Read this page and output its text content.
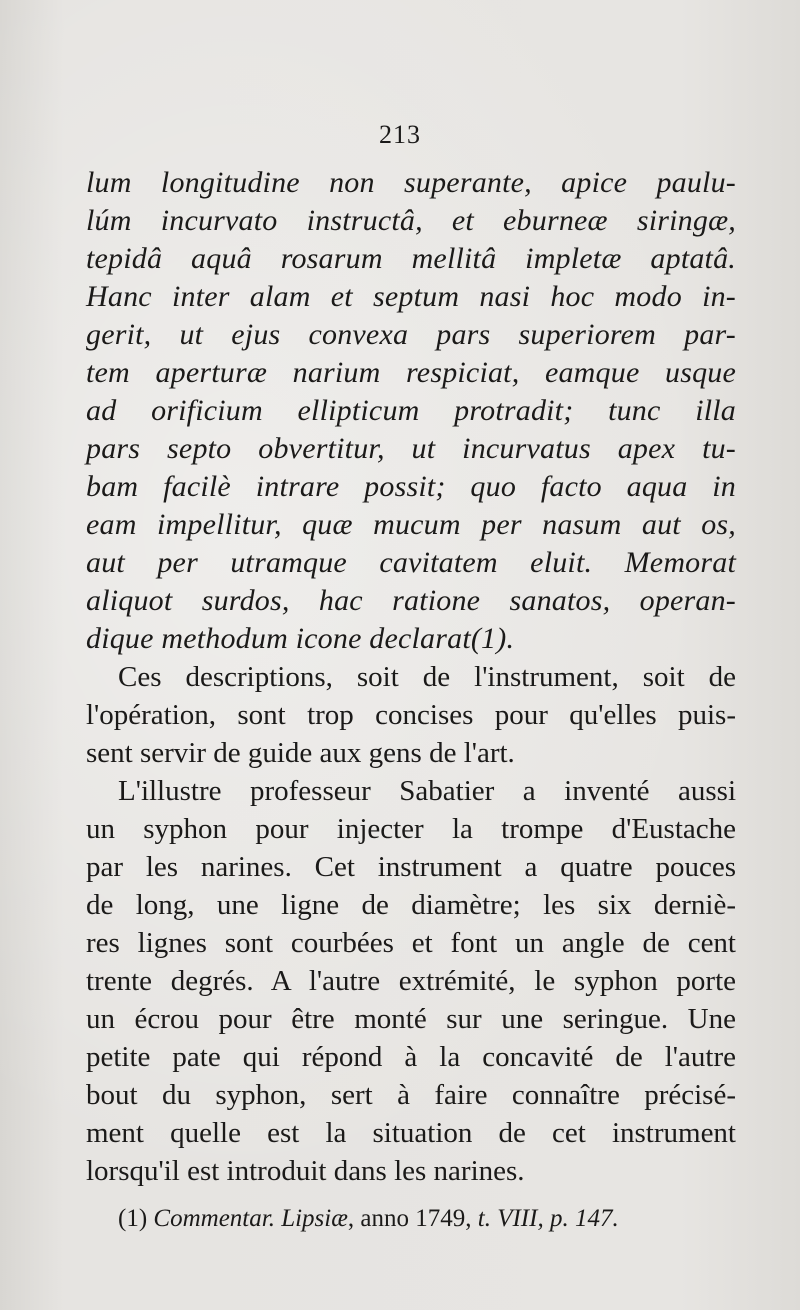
213
lum longitudine non superante, apice paulu-
lúm incurvato instructâ, et eburneæ siringæ,
tepidâ aquâ rosarum mellitâ impletæ aptatâ.
Hanc inter alam et septum nasi hoc modo in-
gerit, ut ejus convexa pars superiorem par-
tem aperturæ narium respiciat, eamque usque
ad orificium ellipticum protradit; tunc illa
pars septo obvertitur, ut incurvatus apex tu-
bam facilè intrare possit; quo facto aqua in
eam impellitur, quæ mucum per nasum aut os,
aut per utramque cavitatem eluit. Memorat
aliquot surdos, hac ratione sanatos, operan-
dique methodum icone declarat(1).
Ces descriptions, soit de l'instrument, soit de
l'opération, sont trop concises pour qu'elles puis-
sent servir de guide aux gens de l'art.
L'illustre professeur Sabatier a inventé aussi
un syphon pour injecter la trompe d'Eustache
par les narines. Cet instrument a quatre pouces
de long, une ligne de diamètre; les six derniè-
res lignes sont courbées et font un angle de cent
trente degrés. A l'autre extrémité, le syphon porte
un écrou pour être monté sur une seringue. Une
petite pate qui répond à la concavité de l'autre
bout du syphon, sert à faire connaître précisé-
ment quelle est la situation de cet instrument
lorsqu'il est introduit dans les narines.
(1) Commentar. Lipsiæ, anno 1749, t. VIII, p. 147.
